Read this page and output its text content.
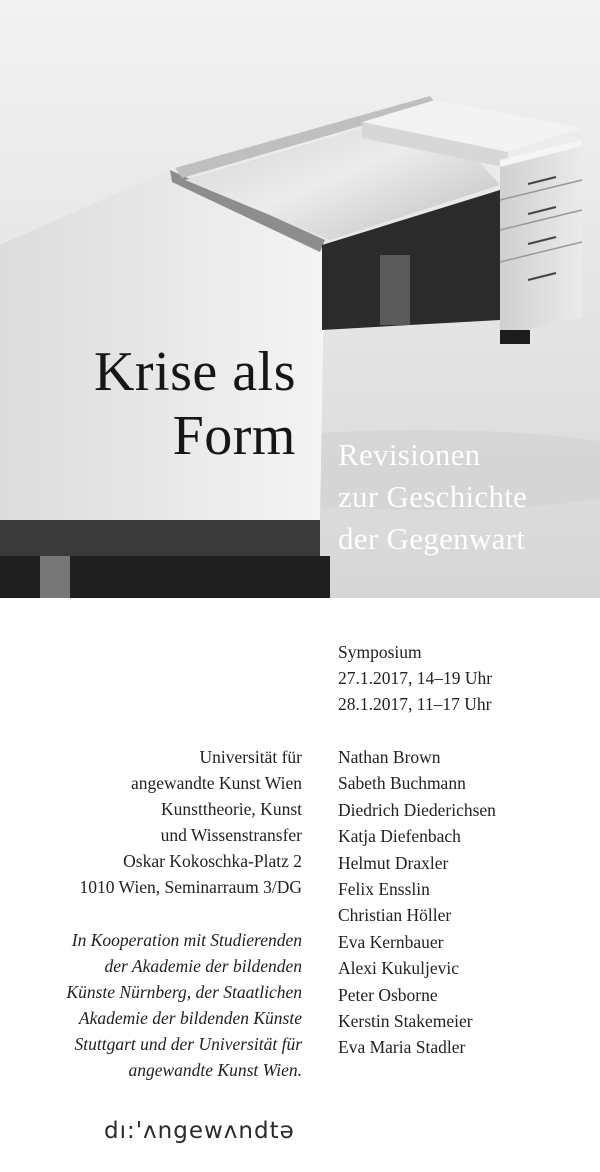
Krise als
Form Revisionen
zur Geschichte
der Gegenwart
Symposium
27.1.2017, 14–19 Uhr
28.1.2017, 11–17 Uhr
Universität für
angewandte Kunst Wien
Kunsttheorie, Kunst
und Wissenstransfer
Oskar Kokoschka-Platz 2
1010 Wien, Seminarraum 3/DG
In Kooperation mit Studierenden
der Akademie der bildenden
Künste Nürnberg, der Staatlichen
Akademie der bildenden Künste
Stuttgart und der Universität für
angewandte Kunst Wien.
Nathan Brown
Sabeth Buchmann
Diedrich Diederichsen
Katja Diefenbach
Helmut Draxler
Felix Ensslin
Christian Höller
Eva Kernbauer
Alexi Kukuljevic
Peter Osborne
Kerstin Stakemeier
Eva Maria Stadler
dı:'ʌngewʌndtə
